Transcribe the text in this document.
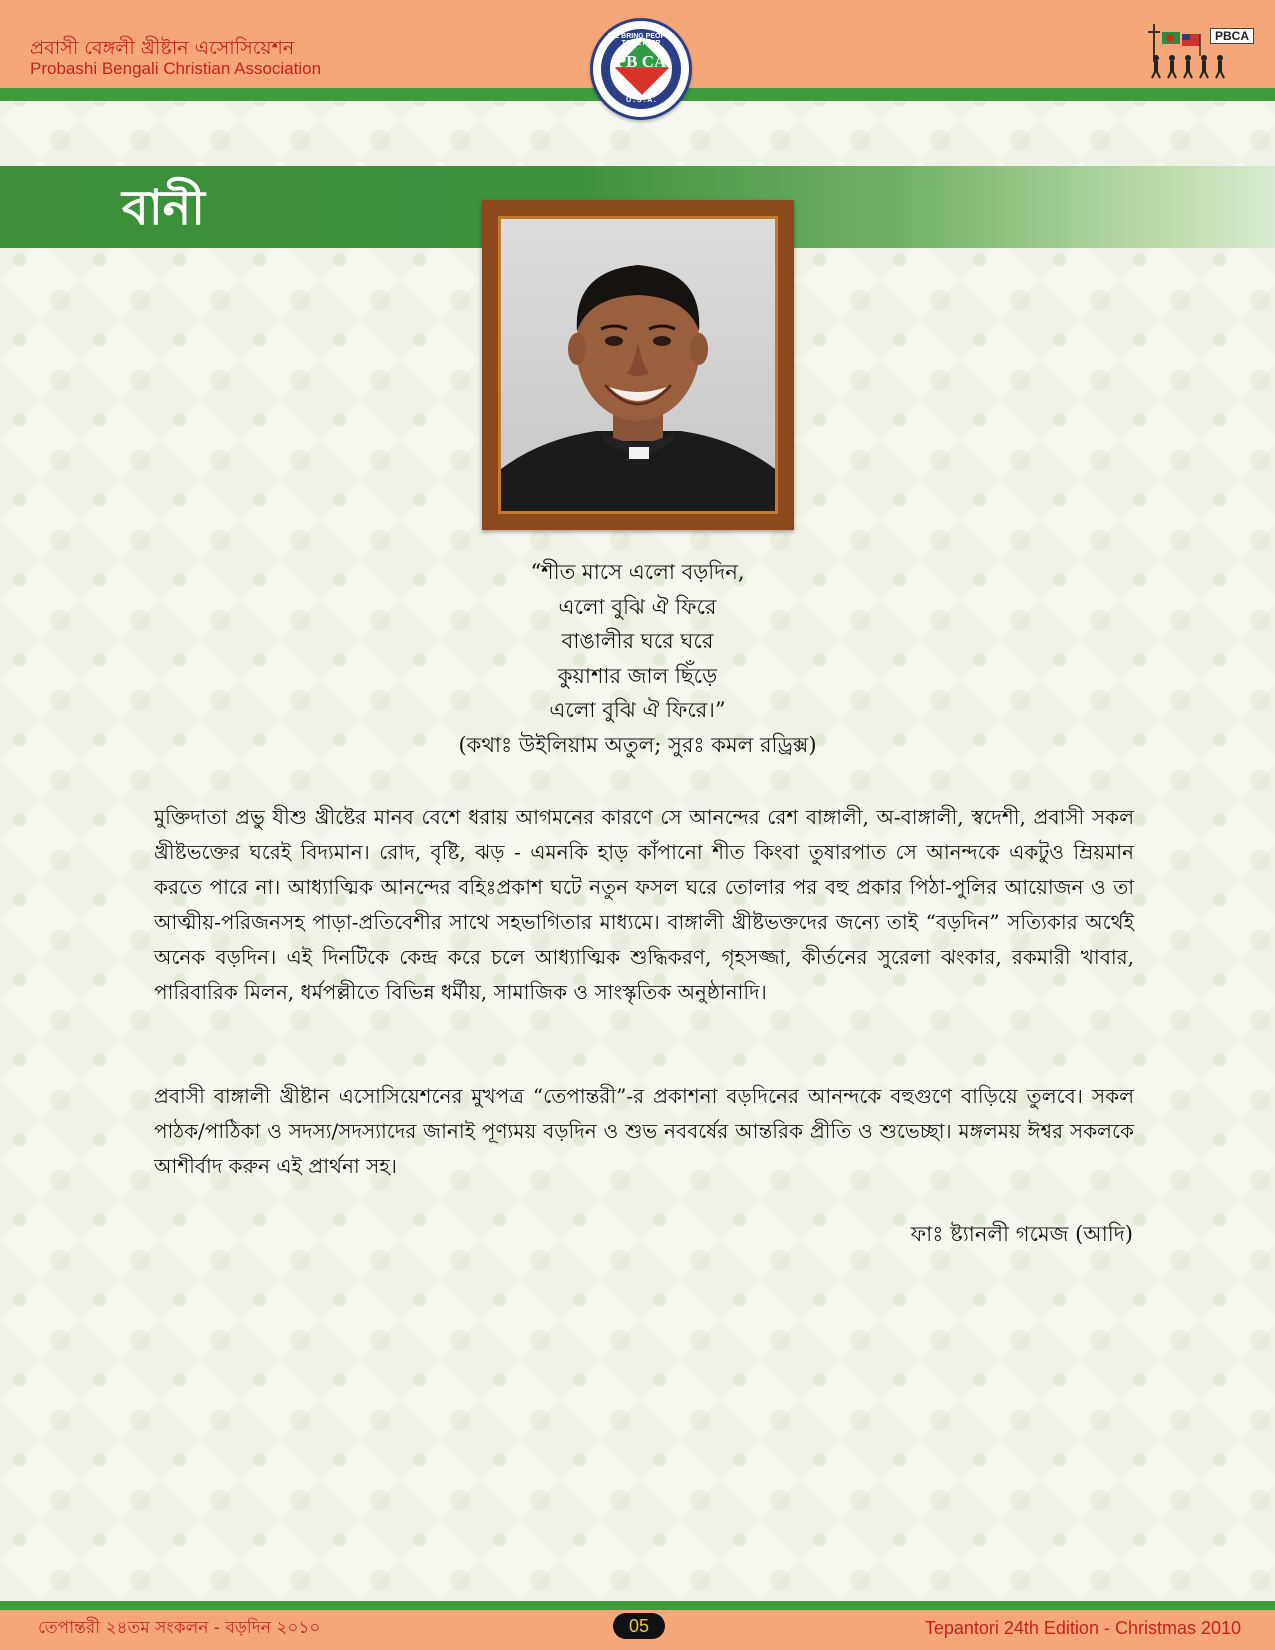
প্রবাসী বেঙ্গলী খ্রীষ্টান এসোসিয়েশন
Probashi Bengali Christian Association
WE BRING PEOPLE TOGETHER
PB CA
U . S . A .
PBCA
বানী
“শীত মাসে এলো বড়দিন,
এলো বুঝি ঐ ফিরে
বাঙালীর ঘরে ঘরে
কুয়াশার জাল ছিঁড়ে
এলো বুঝি ঐ ফিরে।”
(কথাঃ উইলিয়াম অতুল; সুরঃ কমল রড্রিক্স)
মুক্তিদাতা প্রভু যীশু খ্রীষ্টের মানব বেশে ধরায় আগমনের কারণে সে আনন্দের রেশ বাঙ্গালী, অ-বাঙ্গালী, স্বদেশী, প্রবাসী সকল খ্রীষ্টভক্তের ঘরেই বিদ্যমান। রোদ, বৃষ্টি, ঝড় - এমনকি হাড় কাঁপানো শীত কিংবা তুষারপাত সে আনন্দকে একটুও ম্রিয়মান করতে পারে না। আধ্যাত্মিক আনন্দের বহিঃপ্রকাশ ঘটে নতুন ফসল ঘরে তোলার পর বহু প্রকার পিঠা-পুলির আয়োজন ও তা আত্মীয়-পরিজনসহ পাড়া-প্রতিবেশীর সাথে সহভাগিতার মাধ্যমে। বাঙ্গালী খ্রীষ্টভক্তদের জন্যে তাই “বড়দিন” সত্যিকার অর্থেই অনেক বড়দিন। এই দিনটিকে কেন্দ্র করে চলে আধ্যাত্মিক শুদ্ধিকরণ, গৃহসজ্জা, কীর্তনের সুরেলা ঝংকার, রকমারী খাবার, পারিবারিক মিলন, ধর্মপল্লীতে বিভিন্ন ধর্মীয়, সামাজিক ও সাংস্কৃতিক অনুষ্ঠানাদি।
প্রবাসী বাঙ্গালী খ্রীষ্টান এসোসিয়েশনের মুখপত্র “তেপান্তরী”-র প্রকাশনা বড়দিনের আনন্দকে বহুগুণে বাড়িয়ে তুলবে। সকল পাঠক/পাঠিকা ও সদস্য/সদস্যাদের জানাই পূণ্যময় বড়দিন ও শুভ নববর্ষের আন্তরিক প্রীতি ও শুভেচ্ছা। মঙ্গলময় ঈশ্বর সকলকে আশীর্বাদ করুন এই প্রার্থনা সহ।
ফাঃ ষ্ট্যানলী গমেজ (আদি)
তেপান্তরী ২৪তম সংকলন - বড়দিন ২০১০	05	Tepantori 24th Edition - Christmas 2010
